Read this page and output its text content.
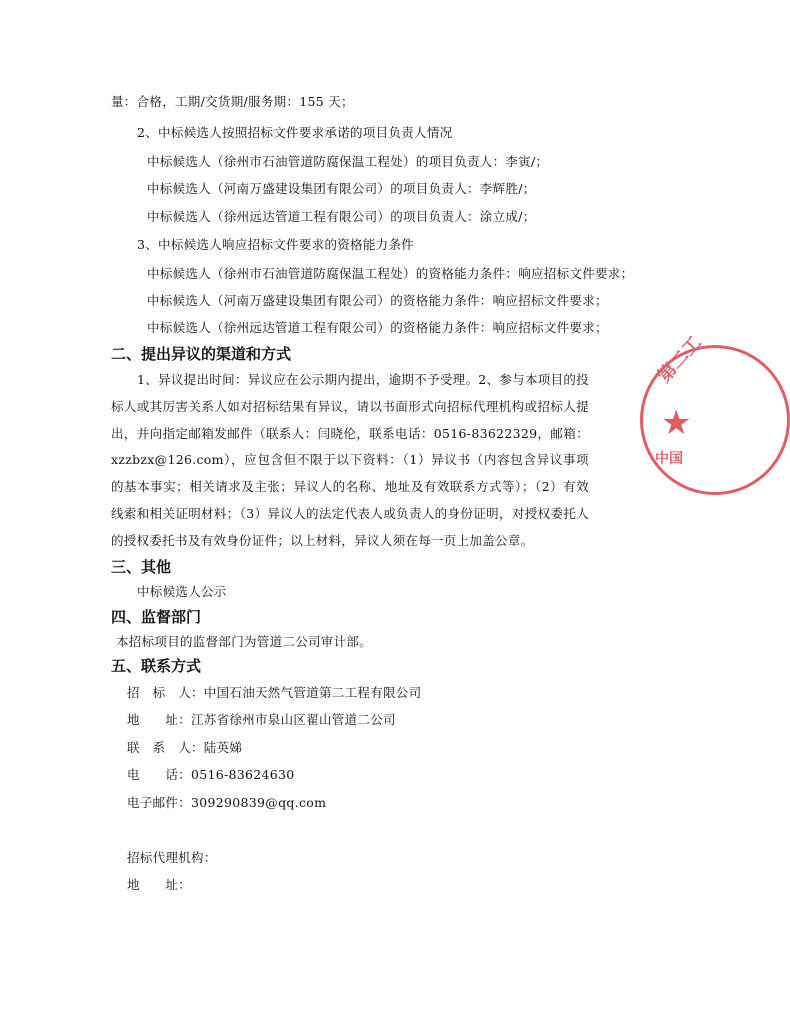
量：合格，工期/交货期/服务期：155 天；
2、中标候选人按照招标文件要求承诺的项目负责人情况
中标候选人（徐州市石油管道防腐保温工程处）的项目负责人：李寅/；
中标候选人（河南万盛建设集团有限公司）的项目负责人：李辉胜/；
中标候选人（徐州远达管道工程有限公司）的项目负责人：涂立成/；
3、中标候选人响应招标文件要求的资格能力条件
中标候选人（徐州市石油管道防腐保温工程处）的资格能力条件：响应招标文件要求；
中标候选人（河南万盛建设集团有限公司）的资格能力条件：响应招标文件要求；
中标候选人（徐州远达管道工程有限公司）的资格能力条件：响应招标文件要求；
二、提出异议的渠道和方式
1、异议提出时间：异议应在公示期内提出，逾期不予受理。2、参与本项目的投标人或其厉害关系人如对招标结果有异议，请以书面形式向招标代理机构或招标人提出，并向指定邮箱发邮件（联系人：闫晓伦，联系电话：0516-83622329，邮箱：xzzbzx@126.com），应包含但不限于以下资料：（1）异议书（内容包含异议事项的基本事实；相关请求及主张；异议人的名称、地址及有效联系方式等）；（2）有效线索和相关证明材料；（3）异议人的法定代表人或负责人的身份证明，对授权委托人的授权委托书及有效身份证件；以上材料，异议人须在每一页上加盖公章。
三、其他
中标候选人公示
四、监督部门
本招标项目的监督部门为管道二公司审计部。
五、联系方式
招　标　人：中国石油天然气管道第二工程有限公司
地　　址：江苏省徐州市泉山区翟山管道二公司
联　系　人：陆英娣
电　　话：0516-83624630
电子邮件：309290839@qq.com
招标代理机构：
地　　址：
第二工
★
中国
